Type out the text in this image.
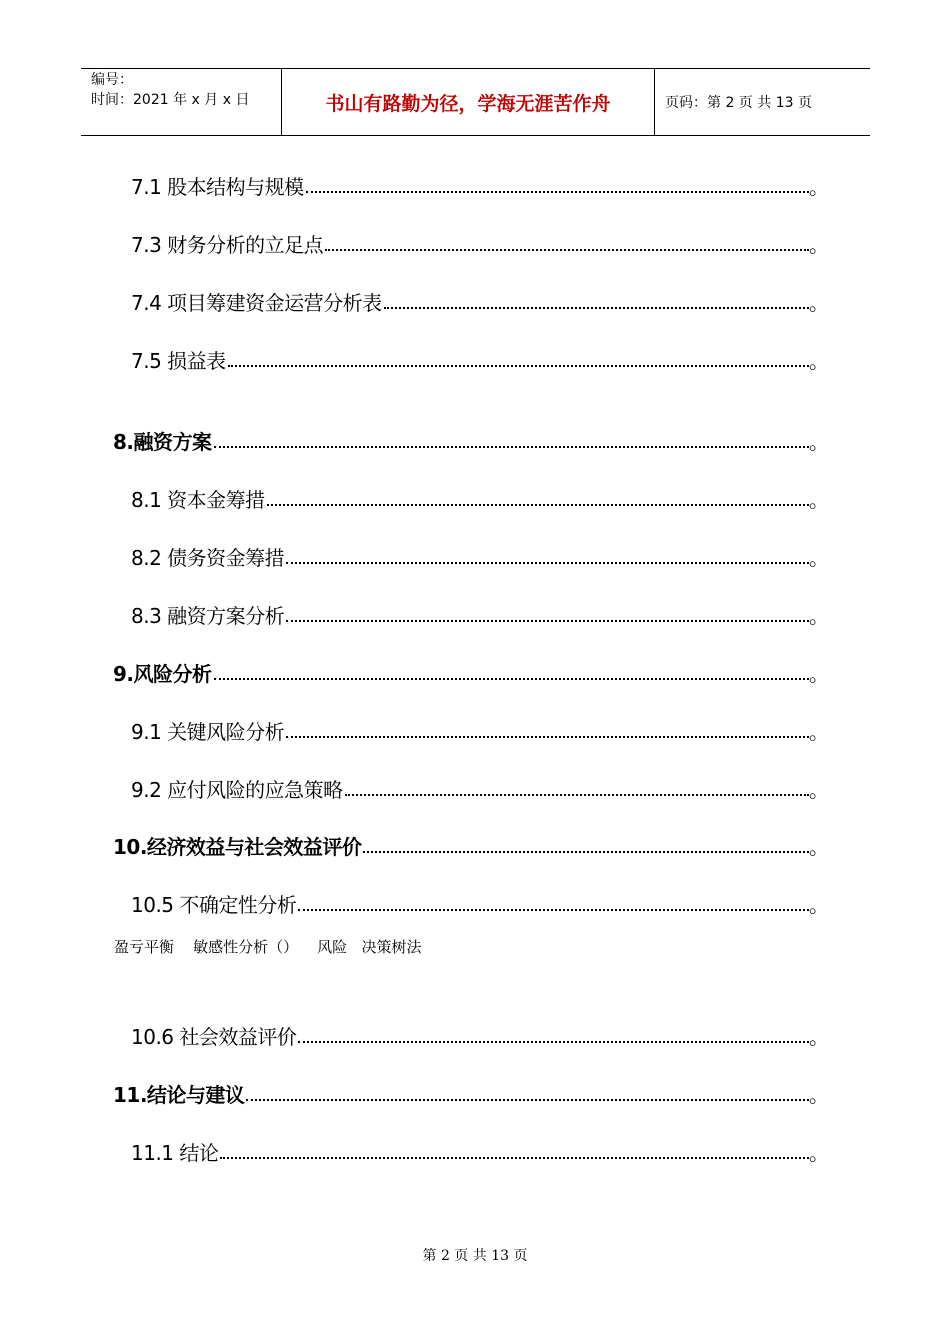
编号：
时间：2021 年 x 月 x 日	书山有路勤为径，学海无涯苦作舟	页码：第 2 页 共 13 页
7.1 股本结构与规模	。
7.3 财务分析的立足点	。
7.4 项目筹建资金运营分析表	。
7.5 损益表	。
8.融资方案	。
8.1 资本金筹措	。
8.2 债务资金筹措	。
8.3 融资方案分析	。
9.风险分析	。
9.1 关键风险分析	。
9.2 应付风险的应急策略	。
10.经济效益与社会效益评价	。
10.5 不确定性分析	。
盈亏平衡    敏感性分析（）    风险   决策树法
10.6 社会效益评价	。
11.结论与建议	。
11.1 结论	。
第 2 页 共 13 页
